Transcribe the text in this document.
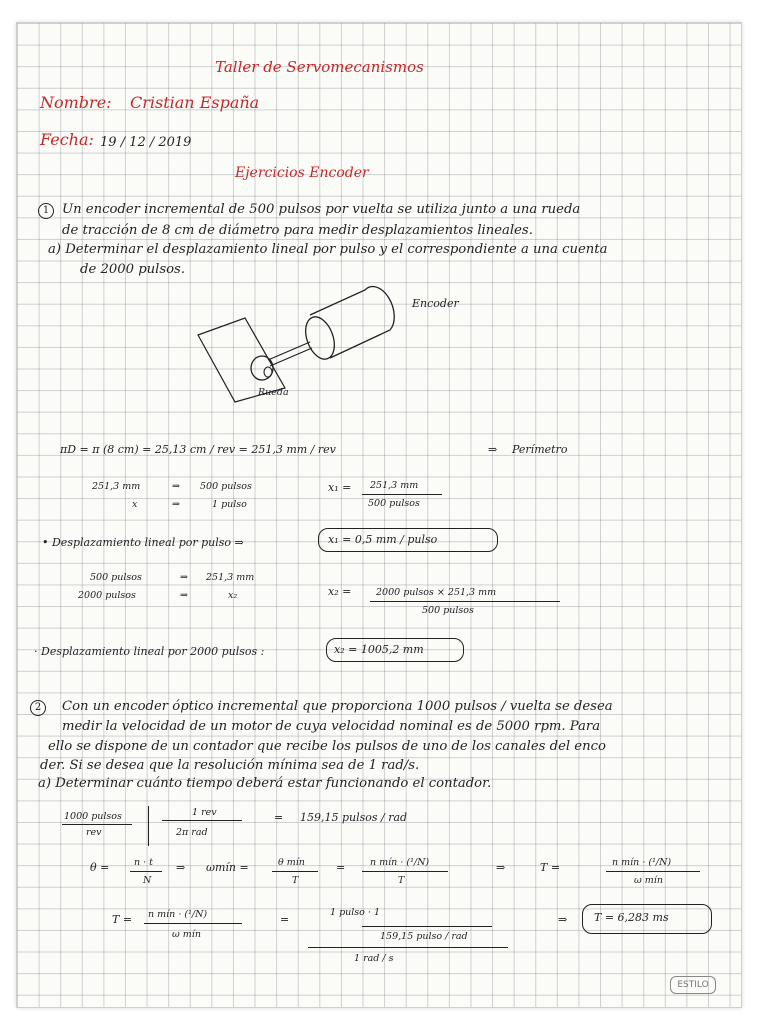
Taller de Servomecanismos
Nombre: Cristian España
Fecha: 19 / 12 / 2019
Ejercicios Encoder
1 Un encoder incremental de 500 pulsos por vuelta se utiliza junto a una rueda
de tracción de 8 cm de diámetro para medir desplazamientos lineales.
a) Determinar el desplazamiento lineal por pulso y el correspondiente a una cuenta
de 2000 pulsos.
Encoder
Rueda
πD = π (8 cm) = 25,13 cm / rev = 251,3 mm / rev	⇒ Perímetro
251,3 mm	⇒ 500 pulsos
x	⇒	1 pulso
x₁ = 251,3 mm
500 pulsos
• Desplazamiento lineal por pulso ⇒	x₁ = 0,5 mm / pulso
500 pulsos	⇒ 251,3 mm
2000 pulsos	⇒	x₂	x₂ =	2000 pulsos × 251,3 mm
500 pulsos
· Desplazamiento lineal por 2000 pulsos :	x₂ = 1005,2 mm
2	Con un encoder óptico incremental que proporciona 1000 pulsos / vuelta se desea
medir la velocidad de un motor de cuya velocidad nominal es de 5000 rpm. Para
ello se dispone de un contador que recibe los pulsos de uno de los canales del enco
der. Si se desea que la resolución mínima sea de 1 rad/s.
a) Determinar cuánto tiempo deberá estar funcionando el contador.
1000 pulsos
rev
1 rev
2π rad
= 159,15 pulsos / rad
θ =	n · t
N
⇒ ωmín =	θ mín
T
=	n mín · (¹/N)
T
⇒	T =	n mín · (¹/N)
ω mín
T = n mín · (¹/N)
ω mín
=
1 pulso · 1
159,15 pulso / rad
1 rad / s
⇒ T = 6,283 ms
ESTILO
